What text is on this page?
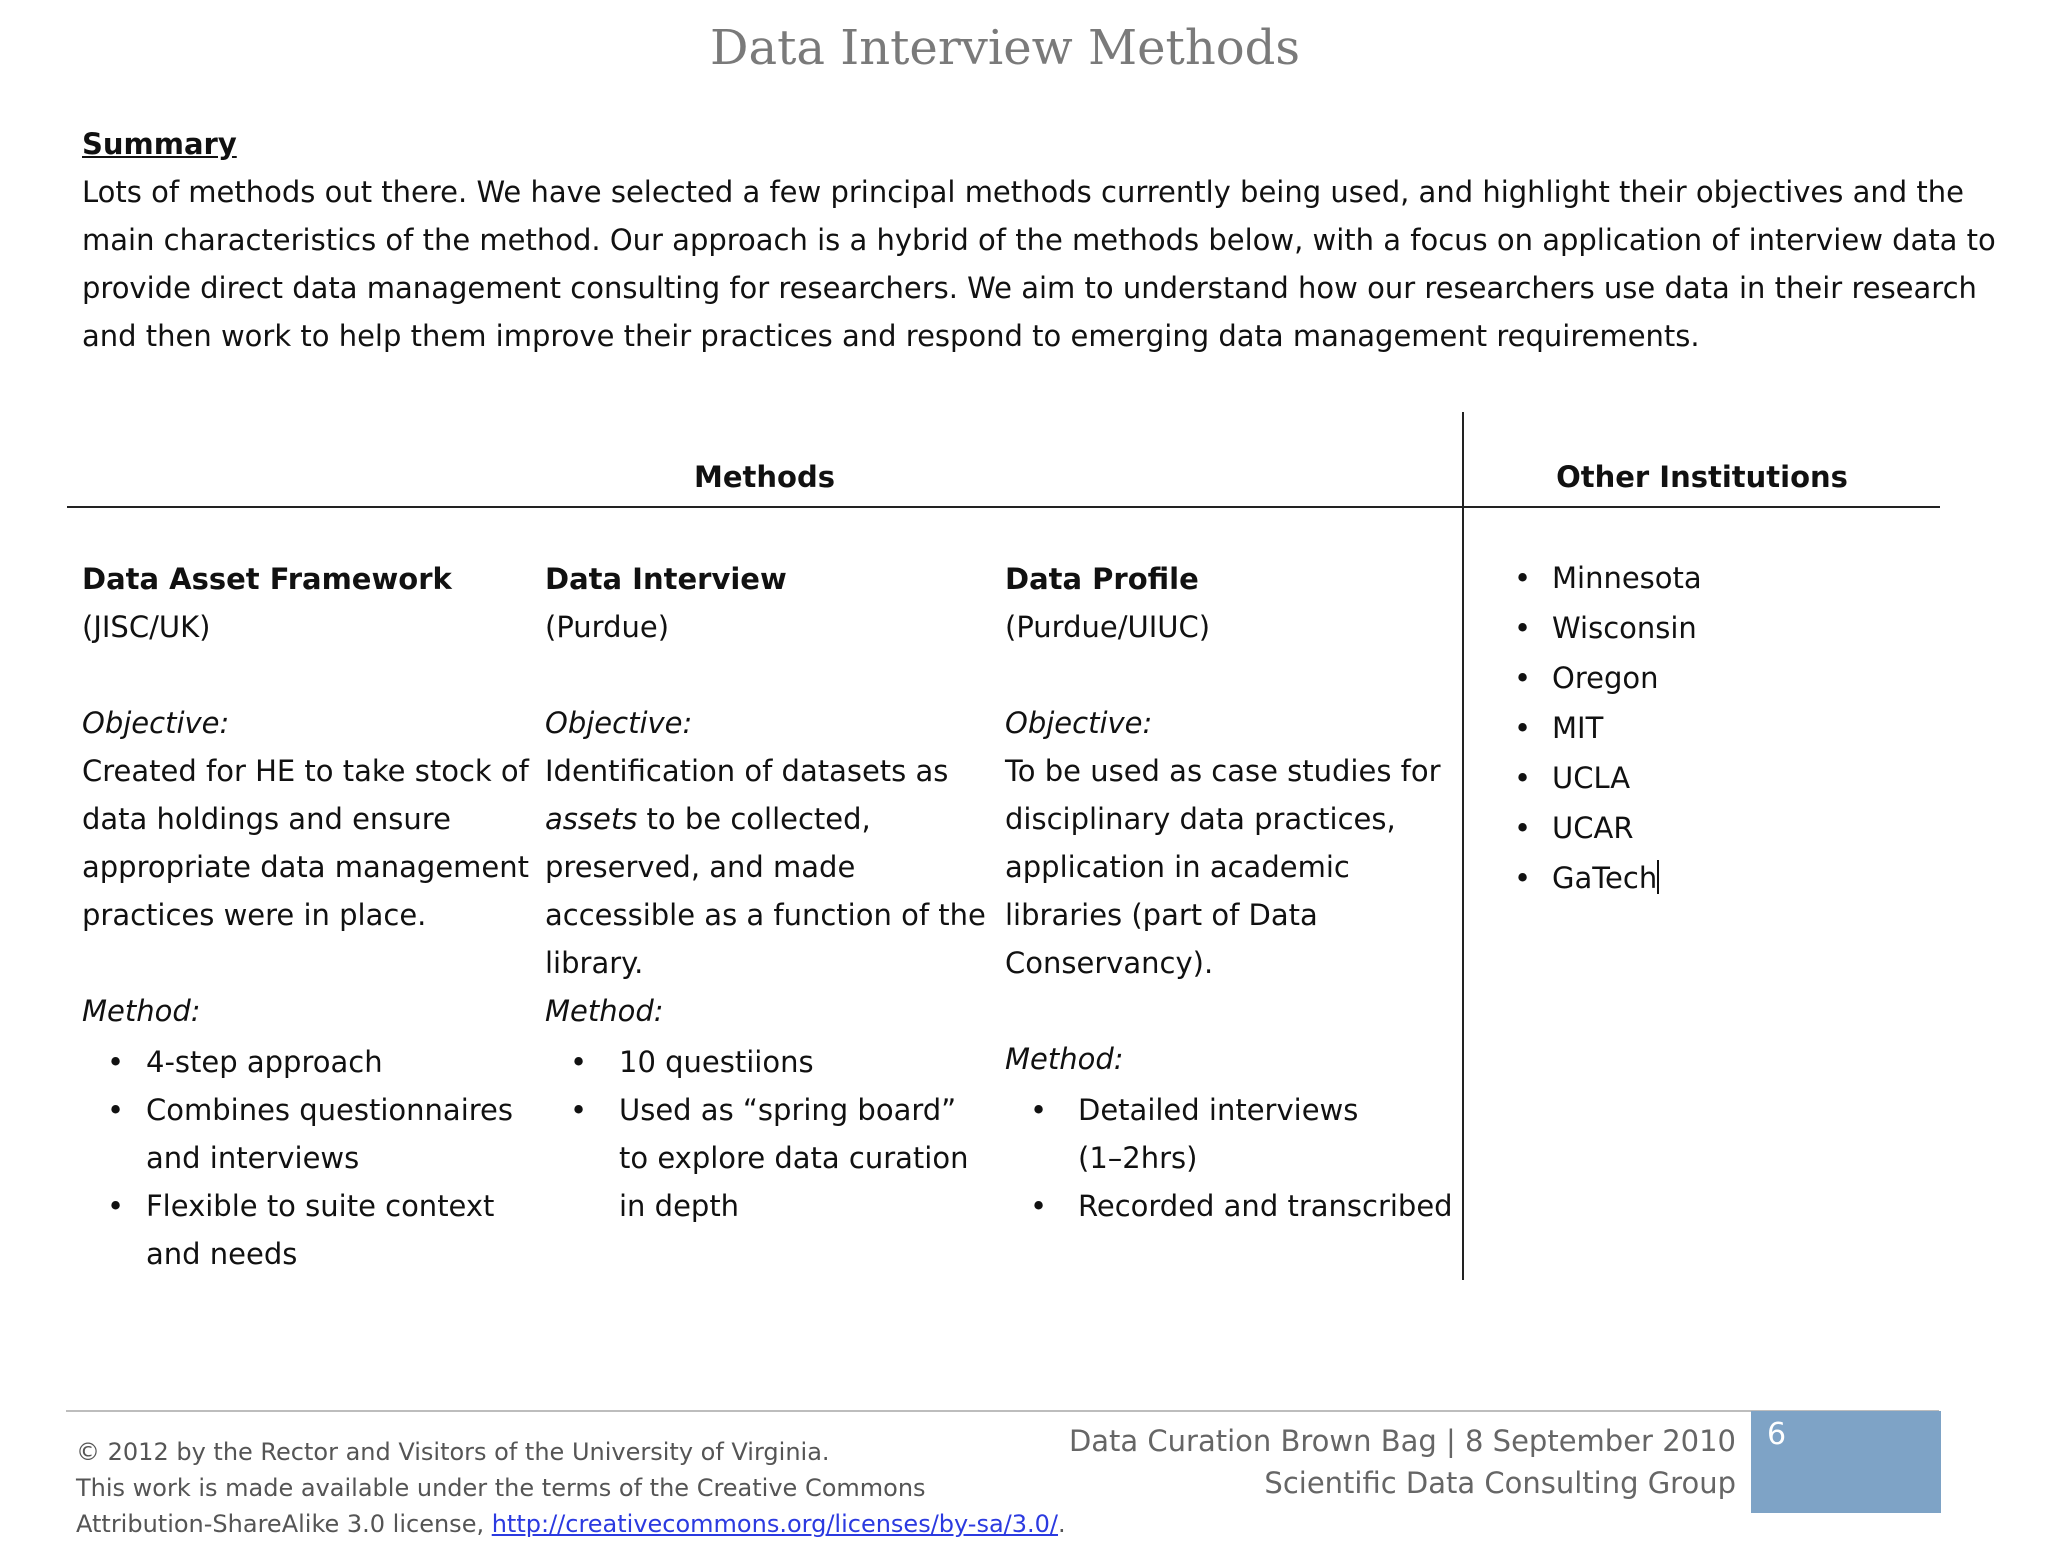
Data Interview Methods
Summary

Lots of methods out there. We have selected a few principal methods currently being used, and highlight their objectives and the

main characteristics of the method. Our approach is a hybrid of the methods below, with a focus on application of interview data to

provide direct data management consulting for researchers. We aim to understand how our researchers use data in their research

and then work to help them improve their practices and respond to emerging data management requirements.

Methods	Other Institutions
Data Asset Framework
(JISC/UK)
Objective:
Created for HE to take stock of
data holdings and ensure
appropriate data management
practices were in place.
Method:
• 4-step approach
• Combines questionnaires
and interviews
• Flexible to suite context
and needs
Data Interview
(Purdue)
Objective:
Identification of datasets as
assets to be collected,
preserved, and made
accessible as a function of the
library.
Method:
• 10 questiions
• Used as “spring board”
to explore data curation
in depth
Data Profile
(Purdue/UIUC)
Objective:
To be used as case studies for
disciplinary data practices,
application in academic
libraries (part of Data
Conservancy).
Method:
• Detailed interviews
(1–2hrs)
• Recorded and transcribed
• Minnesota
• Wisconsin
• Oregon
• MIT
• UCLA
• UCAR
• GaTech
© 2012 by the Rector and Visitors of the University of Virginia.
This work is made available under the terms of the Creative Commons
Attribution-ShareAlike 3.0 license, http://creativecommons.org/licenses/by-sa/3.0/.
Data Curation Brown Bag | 8 September 2010
Scientific Data Consulting Group
6
